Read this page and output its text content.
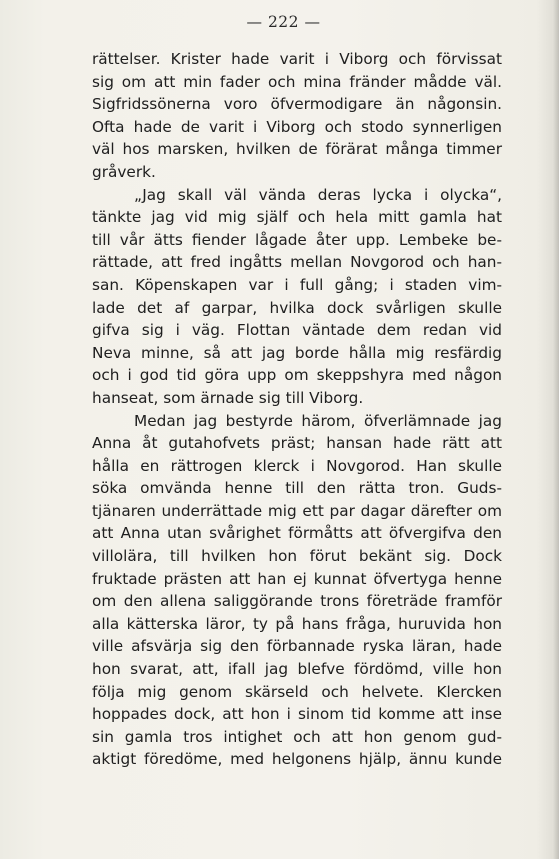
— 222 —
rättelser. Krister hade varit i Viborg och förvissat
sig om att min fader och mina fränder mådde väl.
Sigfridssönerna voro öfvermodigare än någonsin.
Ofta hade de varit i Viborg och stodo synnerligen
väl hos marsken, hvilken de förärat många timmer
gråverk.
„Jag skall väl vända deras lycka i olycka“,
tänkte jag vid mig själf och hela mitt gamla hat
till vår ätts fiender lågade åter upp. Lembeke be-
rättade, att fred ingåtts mellan Novgorod och han-
san. Köpenskapen var i full gång; i staden vim-
lade det af garpar, hvilka dock svårligen skulle
gifva sig i väg. Flottan väntade dem redan vid
Neva minne, så att jag borde hålla mig resfärdig
och i god tid göra upp om skeppshyra med någon
hanseat, som ärnade sig till Viborg.
Medan jag bestyrde härom, öfverlämnade jag
Anna åt gutahofvets präst; hansan hade rätt att
hålla en rättrogen klerck i Novgorod. Han skulle
söka omvända henne till den rätta tron. Guds-
tjänaren underrättade mig ett par dagar därefter om
att Anna utan svårighet förmåtts att öfvergifva den
villolära, till hvilken hon förut bekänt sig. Dock
fruktade prästen att han ej kunnat öfvertyga henne
om den allena saliggörande trons företräde framför
alla kätterska läror, ty på hans fråga, huruvida hon
ville afsvärja sig den förbannade ryska läran, hade
hon svarat, att, ifall jag blefve fördömd, ville hon
följa mig genom skärseld och helvete. Klercken
hoppades dock, att hon i sinom tid komme att inse
sin gamla tros intighet och att hon genom gud-
aktigt föredöme, med helgonens hjälp, ännu kunde
